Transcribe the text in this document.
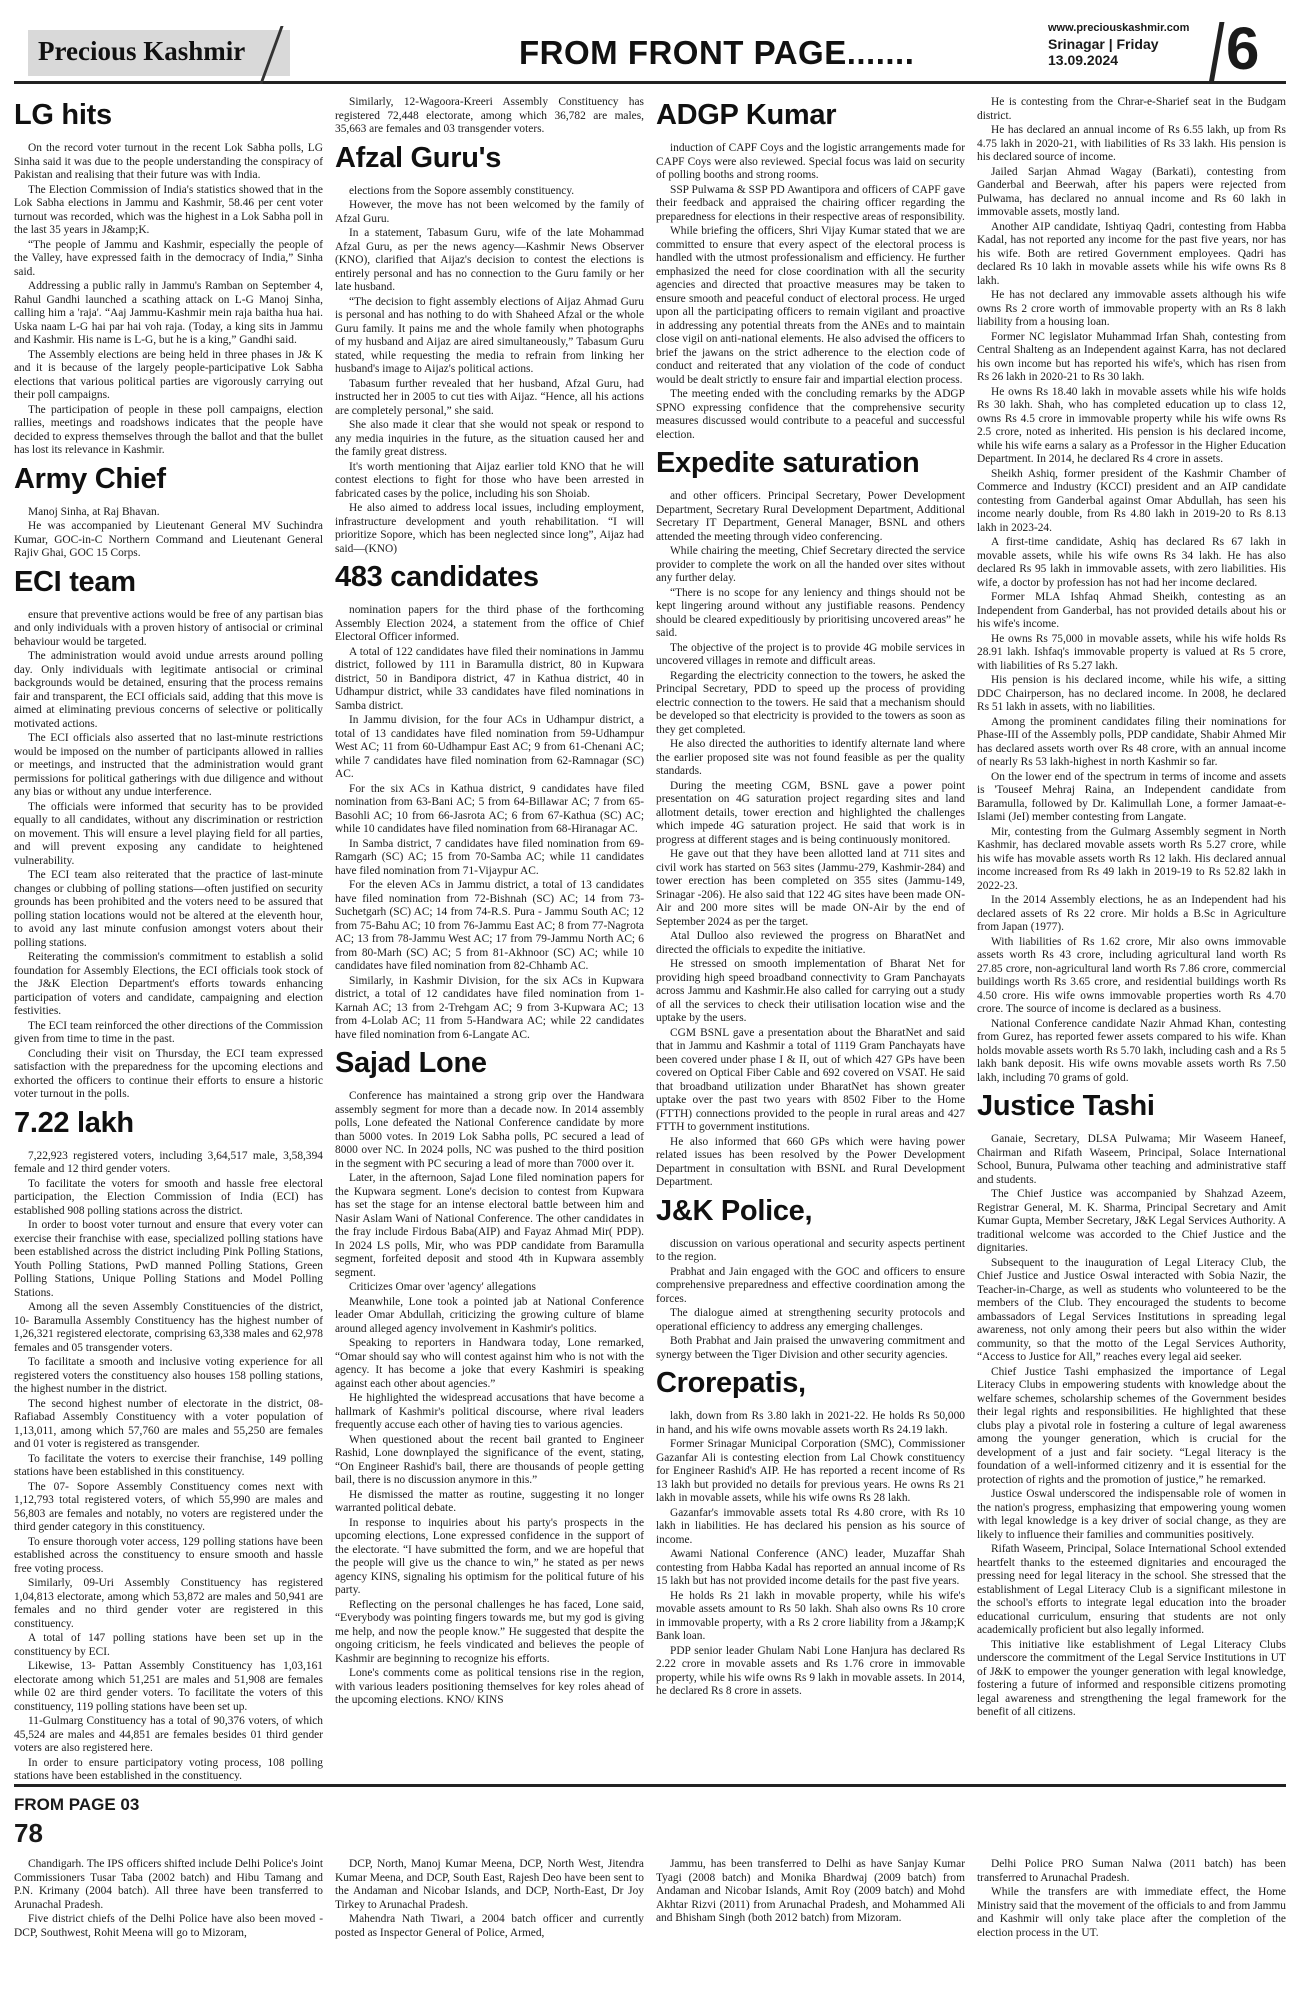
Precious Kashmir	FROM FRONT PAGE.......
www.preciouskashmir.com
Srinagar | Friday
13.09.2024	6
LG hits

On the record voter turnout in the recent Lok Sabha polls, LG Sinha said it was due to the people understanding the conspiracy of Pakistan and realising that their future was with India.

The Election Commission of India's statistics showed that in the Lok Sabha elections in Jammu and Kashmir, 58.46 per cent voter turnout was recorded, which was the highest in a Lok Sabha poll in the last 35 years in J&amp;K.

“The people of Jammu and Kashmir, especially the people of the Valley, have expressed faith in the democracy of India,” Sinha said.

Addressing a public rally in Jammu's Ramban on September 4, Rahul Gandhi launched a scathing attack on L-G Manoj Sinha, calling him a 'raja'. “Aaj Jammu-Kashmir mein raja baitha hua hai. Uska naam L-G hai par hai voh raja. (Today, a king sits in Jammu and Kashmir. His name is L-G, but he is a king,” Gandhi said.

The Assembly elections are being held in three phases in J& K and it is because of the largely people-participative Lok Sabha elections that various political parties are vigorously carrying out their poll campaigns.

The participation of people in these poll campaigns, election rallies, meetings and roadshows indicates that the people have decided to express themselves through the ballot and that the bullet has lost its relevance in Kashmir.

Army Chief

Manoj Sinha, at Raj Bhavan.

He was accompanied by Lieutenant General MV Suchindra Kumar, GOC-in-C Northern Command and Lieutenant General Rajiv Ghai, GOC 15 Corps.

ECI team

ensure that preventive actions would be free of any partisan bias and only individuals with a proven history of antisocial or criminal behaviour would be targeted.

The administration would avoid undue arrests around polling day. Only individuals with legitimate antisocial or criminal backgrounds would be detained, ensuring that the process remains fair and transparent, the ECI officials said, adding that this move is aimed at eliminating previous concerns of selective or politically motivated actions.

The ECI officials also asserted that no last-minute restrictions would be imposed on the number of participants allowed in rallies or meetings, and instructed that the administration would grant permissions for political gatherings with due diligence and without any bias or without any undue interference.

The officials were informed that security has to be provided equally to all candidates, without any discrimination or restriction on movement. This will ensure a level playing field for all parties, and will prevent exposing any candidate to heightened vulnerability.

The ECI team also reiterated that the practice of last-minute changes or clubbing of polling stations—often justified on security grounds has been prohibited and the voters need to be assured that polling station locations would not be altered at the eleventh hour, to avoid any last minute confusion amongst voters about their polling stations.

Reiterating the commission's commitment to establish a solid foundation for Assembly Elections, the ECI officials took stock of the J&K Election Department's efforts towards enhancing participation of voters and candidate, campaigning and election festivities.

The ECI team reinforced the other directions of the Commission given from time to time in the past.

Concluding their visit on Thursday, the ECI team expressed satisfaction with the preparedness for the upcoming elections and exhorted the officers to continue their efforts to ensure a historic voter turnout in the polls.

7.22 lakh

7,22,923 registered voters, including 3,64,517 male, 3,58,394 female and 12 third gender voters.

To facilitate the voters for smooth and hassle free electoral participation, the Election Commission of India (ECI) has established 908 polling stations across the district.

In order to boost voter turnout and ensure that every voter can exercise their franchise with ease, specialized polling stations have been established across the district including Pink Polling Stations, Youth Polling Stations, PwD manned Polling Stations, Green Polling Stations, Unique Polling Stations and Model Polling Stations.

Among all the seven Assembly Constituencies of the district, 10- Baramulla Assembly Constituency has the highest number of 1,26,321 registered electorate, comprising 63,338 males and 62,978 females and 05 transgender voters.

To facilitate a smooth and inclusive voting experience for all registered voters the constituency also houses 158 polling stations, the highest number in the district.

The second highest number of electorate in the district, 08- Rafiabad Assembly Constituency with a voter population of 1,13,011, among which 57,760 are males and 55,250 are females and 01 voter is registered as transgender.

To facilitate the voters to exercise their franchise, 149 polling stations have been established in this constituency.

The 07- Sopore Assembly Constituency comes next with 1,12,793 total registered voters, of which 55,990 are males and 56,803 are females and notably, no voters are registered under the third gender category in this constituency.

To ensure thorough voter access, 129 polling stations have been established across the constituency to ensure smooth and hassle free voting process.

Similarly, 09-Uri Assembly Constituency has registered 1,04,813 electorate, among which 53,872 are males and 50,941 are females and no third gender voter are registered in this constituency.

A total of 147 polling stations have been set up in the constituency by ECI.

Likewise, 13- Pattan Assembly Constituency has 1,03,161 electorate among which 51,251 are males and 51,908 are females while 02 are third gender voters. To facilitate the voters of this constituency, 119 polling stations have been set up.

11-Gulmarg Constituency has a total of 90,376 voters, of which 45,524 are males and 44,851 are females besides 01 third gender voters are also registered here.

In order to ensure participatory voting process, 108 polling stations have been established in the constituency.

Similarly, 12-Wagoora-Kreeri Assembly Constituency has registered 72,448 electorate, among which 36,782 are males, 35,663 are females and 03 transgender voters.

Afzal Guru's

elections from the Sopore assembly constituency.

However, the move has not been welcomed by the family of Afzal Guru.

In a statement, Tabasum Guru, wife of the late Mohammad Afzal Guru, as per the news agency—Kashmir News Observer (KNO), clarified that Aijaz's decision to contest the elections is entirely personal and has no connection to the Guru family or her late husband.

“The decision to fight assembly elections of Aijaz Ahmad Guru is personal and has nothing to do with Shaheed Afzal or the whole Guru family. It pains me and the whole family when photographs of my husband and Aijaz are aired simultaneously,” Tabasum Guru stated, while requesting the media to refrain from linking her husband's image to Aijaz's political actions.

Tabasum further revealed that her husband, Afzal Guru, had instructed her in 2005 to cut ties with Aijaz. “Hence, all his actions are completely personal,” she said.

She also made it clear that she would not speak or respond to any media inquiries in the future, as the situation caused her and the family great distress.

It's worth mentioning that Aijaz earlier told KNO that he will contest elections to fight for those who have been arrested in fabricated cases by the police, including his son Shoiab.

He also aimed to address local issues, including employment, infrastructure development and youth rehabilitation. “I will prioritize Sopore, which has been neglected since long”, Aijaz had said—(KNO)

483 candidates

nomination papers for the third phase of the forthcoming Assembly Election 2024, a statement from the office of Chief Electoral Officer informed.

A total of 122 candidates have filed their nominations in Jammu district, followed by 111 in Baramulla district, 80 in Kupwara district, 50 in Bandipora district, 47 in Kathua district, 40 in Udhampur district, while 33 candidates have filed nominations in Samba district.

In Jammu division, for the four ACs in Udhampur district, a total of 13 candidates have filed nomination from 59-Udhampur West AC; 11 from 60-Udhampur East AC; 9 from 61-Chenani AC; while 7 candidates have filed nomination from 62-Ramnagar (SC) AC.

For the six ACs in Kathua district, 9 candidates have filed nomination from 63-Bani AC; 5 from 64-Billawar AC; 7 from 65-Basohli AC; 10 from 66-Jasrota AC; 6 from 67-Kathua (SC) AC; while 10 candidates have filed nomination from 68-Hiranagar AC.

In Samba district, 7 candidates have filed nomination from 69-Ramgarh (SC) AC; 15 from 70-Samba AC; while 11 candidates have filed nomination from 71-Vijaypur AC.

For the eleven ACs in Jammu district, a total of 13 candidates have filed nomination from 72-Bishnah (SC) AC; 14 from 73-Suchetgarh (SC) AC; 14 from 74-R.S. Pura - Jammu South AC; 12 from 75-Bahu AC; 10 from 76-Jammu East AC; 8 from 77-Nagrota AC; 13 from 78-Jammu West AC; 17 from 79-Jammu North AC; 6 from 80-Marh (SC) AC; 5 from 81-Akhnoor (SC) AC; while 10 candidates have filed nomination from 82-Chhamb AC.

Similarly, in Kashmir Division, for the six ACs in Kupwara district, a total of 12 candidates have filed nomination from 1-Karnah AC; 13 from 2-Trehgam AC; 9 from 3-Kupwara AC; 13 from 4-Lolab AC; 11 from 5-Handwara AC; while 22 candidates have filed nomination from 6-Langate AC.

Sajad Lone

Conference has maintained a strong grip over the Handwara assembly segment for more than a decade now. In 2014 assembly polls, Lone defeated the National Conference candidate by more than 5000 votes. In 2019 Lok Sabha polls, PC secured a lead of 8000 over NC. In 2024 polls, NC was pushed to the third position in the segment with PC securing a lead of more than 7000 over it.

Later, in the afternoon, Sajad Lone filed nomination papers for the Kupwara segment. Lone's decision to contest from Kupwara has set the stage for an intense electoral battle between him and Nasir Aslam Wani of National Conference. The other candidates in the fray include Firdous Baba(AIP) and Fayaz Ahmad Mir( PDP). In 2024 LS polls, Mir, who was PDP candidate from Baramulla segment, forfeited deposit and stood 4th in Kupwara assembly segment.

Criticizes Omar over 'agency' allegations

Meanwhile, Lone took a pointed jab at National Conference leader Omar Abdullah, criticizing the growing culture of blame around alleged agency involvement in Kashmir's politics.

Speaking to reporters in Handwara today, Lone remarked, “Omar should say who will contest against him who is not with the agency. It has become a joke that every Kashmiri is speaking against each other about agencies.”

He highlighted the widespread accusations that have become a hallmark of Kashmir's political discourse, where rival leaders frequently accuse each other of having ties to various agencies.

When questioned about the recent bail granted to Engineer Rashid, Lone downplayed the significance of the event, stating, “On Engineer Rashid's bail, there are thousands of people getting bail, there is no discussion anymore in this.”

He dismissed the matter as routine, suggesting it no longer warranted political debate.

In response to inquiries about his party's prospects in the upcoming elections, Lone expressed confidence in the support of the electorate. “I have submitted the form, and we are hopeful that the people will give us the chance to win,” he stated as per news agency KINS, signaling his optimism for the political future of his party.

Reflecting on the personal challenges he has faced, Lone said, “Everybody was pointing fingers towards me, but my god is giving me help, and now the people know.” He suggested that despite the ongoing criticism, he feels vindicated and believes the people of Kashmir are beginning to recognize his efforts.

Lone's comments come as political tensions rise in the region, with various leaders positioning themselves for key roles ahead of the upcoming elections. KNO/ KINS

ADGP Kumar

induction of CAPF Coys and the logistic arrangements made for CAPF Coys were also reviewed. Special focus was laid on security of polling booths and strong rooms.

SSP Pulwama & SSP PD Awantipora and officers of CAPF gave their feedback and appraised the chairing officer regarding the preparedness for elections in their respective areas of responsibility.

While briefing the officers, Shri Vijay Kumar stated that we are committed to ensure that every aspect of the electoral process is handled with the utmost professionalism and efficiency. He further emphasized the need for close coordination with all the security agencies and directed that proactive measures may be taken to ensure smooth and peaceful conduct of electoral process. He urged upon all the participating officers to remain vigilant and proactive in addressing any potential threats from the ANEs and to maintain close vigil on anti-national elements. He also advised the officers to brief the jawans on the strict adherence to the election code of conduct and reiterated that any violation of the code of conduct would be dealt strictly to ensure fair and impartial election process.

The meeting ended with the concluding remarks by the ADGP SPNO expressing confidence that the comprehensive security measures discussed would contribute to a peaceful and successful election.

Expedite saturation

and other officers. Principal Secretary, Power Development Department, Secretary Rural Development Department, Additional Secretary IT Department, General Manager, BSNL and others attended the meeting through video conferencing.

While chairing the meeting, Chief Secretary directed the service provider to complete the work on all the handed over sites without any further delay.

“There is no scope for any leniency and things should not be kept lingering around without any justifiable reasons. Pendency should be cleared expeditiously by prioritising uncovered areas” he said.

The objective of the project is to provide 4G mobile services in uncovered villages in remote and difficult areas.

Regarding the electricity connection to the towers, he asked the Principal Secretary, PDD to speed up the process of providing electric connection to the towers. He said that a mechanism should be developed so that electricity is provided to the towers as soon as they get completed.

He also directed the authorities to identify alternate land where the earlier proposed site was not found feasible as per the quality standards.

During the meeting CGM, BSNL gave a power point presentation on 4G saturation project regarding sites and land allotment details, tower erection and highlighted the challenges which impede 4G saturation project. He said that work is in progress at different stages and is being continuously monitored.

He gave out that they have been allotted land at 711 sites and civil work has started on 563 sites (Jammu-279, Kashmir-284) and tower erection has been completed on 355 sites (Jammu-149, Srinagar -206). He also said that 122 4G sites have been made ON-Air and 200 more sites will be made ON-Air by the end of September 2024 as per the target.

Atal Dulloo also reviewed the progress on BharatNet and directed the officials to expedite the initiative.

He stressed on smooth implementation of Bharat Net for providing high speed broadband connectivity to Gram Panchayats across Jammu and Kashmir.He also called for carrying out a study of all the services to check their utilisation location wise and the uptake by the users.

CGM BSNL gave a presentation about the BharatNet and said that in Jammu and Kashmir a total of 1119 Gram Panchayats have been covered under phase I & II, out of which 427 GPs have been covered on Optical Fiber Cable and 692 covered on VSAT. He said that broadband utilization under BharatNet has shown greater uptake over the past two years with 8502 Fiber to the Home (FTTH) connections provided to the people in rural areas and 427 FTTH to government institutions.

He also informed that 660 GPs which were having power related issues has been resolved by the Power Development Department in consultation with BSNL and Rural Development Department.

J&K Police,

discussion on various operational and security aspects pertinent to the region.

Prabhat and Jain engaged with the GOC and officers to ensure comprehensive preparedness and effective coordination among the forces.

The dialogue aimed at strengthening security protocols and operational efficiency to address any emerging challenges.

Both Prabhat and Jain praised the unwavering commitment and synergy between the Tiger Division and other security agencies.

Crorepatis,

lakh, down from Rs 3.80 lakh in 2021-22. He holds Rs 50,000 in hand, and his wife owns movable assets worth Rs 24.19 lakh.

Former Srinagar Municipal Corporation (SMC), Commissioner Gazanfar Ali is contesting election from Lal Chowk constituency for Engineer Rashid's AIP. He has reported a recent income of Rs 13 lakh but provided no details for previous years. He owns Rs 21 lakh in movable assets, while his wife owns Rs 28 lakh.

Gazanfar's immovable assets total Rs 4.80 crore, with Rs 10 lakh in liabilities. He has declared his pension as his source of income.

Awami National Conference (ANC) leader, Muzaffar Shah contesting from Habba Kadal has reported an annual income of Rs 15 lakh but has not provided income details for the past five years.

He holds Rs 21 lakh in movable property, while his wife's movable assets amount to Rs 50 lakh. Shah also owns Rs 10 crore in immovable property, with a Rs 2 crore liability from a J&amp;K Bank loan.

PDP senior leader Ghulam Nabi Lone Hanjura has declared Rs 2.22 crore in movable assets and Rs 1.76 crore in immovable property, while his wife owns Rs 9 lakh in movable assets. In 2014, he declared Rs 8 crore in assets.

He is contesting from the Chrar-e-Sharief seat in the Budgam district.

He has declared an annual income of Rs 6.55 lakh, up from Rs 4.75 lakh in 2020-21, with liabilities of Rs 33 lakh. His pension is his declared source of income.

Jailed Sarjan Ahmad Wagay (Barkati), contesting from Ganderbal and Beerwah, after his papers were rejected from Pulwama, has declared no annual income and Rs 60 lakh in immovable assets, mostly land.

Another AIP candidate, Ishtiyaq Qadri, contesting from Habba Kadal, has not reported any income for the past five years, nor has his wife. Both are retired Government employees. Qadri has declared Rs 10 lakh in movable assets while his wife owns Rs 8 lakh.

He has not declared any immovable assets although his wife owns Rs 2 crore worth of immovable property with an Rs 8 lakh liability from a housing loan.

Former NC legislator Muhammad Irfan Shah, contesting from Central Shalteng as an Independent against Karra, has not declared his own income but has reported his wife's, which has risen from Rs 26 lakh in 2020-21 to Rs 30 lakh.

He owns Rs 18.40 lakh in movable assets while his wife holds Rs 30 lakh. Shah, who has completed education up to class 12, owns Rs 4.5 crore in immovable property while his wife owns Rs 2.5 crore, noted as inherited. His pension is his declared income, while his wife earns a salary as a Professor in the Higher Education Department. In 2014, he declared Rs 4 crore in assets.

Sheikh Ashiq, former president of the Kashmir Chamber of Commerce and Industry (KCCI) president and an AIP candidate contesting from Ganderbal against Omar Abdullah, has seen his income nearly double, from Rs 4.80 lakh in 2019-20 to Rs 8.13 lakh in 2023-24.

A first-time candidate, Ashiq has declared Rs 67 lakh in movable assets, while his wife owns Rs 34 lakh. He has also declared Rs 95 lakh in immovable assets, with zero liabilities. His wife, a doctor by profession has not had her income declared.

Former MLA Ishfaq Ahmad Sheikh, contesting as an Independent from Ganderbal, has not provided details about his or his wife's income.

He owns Rs 75,000 in movable assets, while his wife holds Rs 28.91 lakh. Ishfaq's immovable property is valued at Rs 5 crore, with liabilities of Rs 5.27 lakh.

His pension is his declared income, while his wife, a sitting DDC Chairperson, has no declared income. In 2008, he declared Rs 51 lakh in assets, with no liabilities.

Among the prominent candidates filing their nominations for Phase-III of the Assembly polls, PDP candidate, Shabir Ahmed Mir has declared assets worth over Rs 48 crore, with an annual income of nearly Rs 53 lakh-highest in north Kashmir so far.

On the lower end of the spectrum in terms of income and assets is 'Touseef Mehraj Raina, an Independent candidate from Baramulla, followed by Dr. Kalimullah Lone, a former Jamaat-e-Islami (JeI) member contesting from Langate.

Mir, contesting from the Gulmarg Assembly segment in North Kashmir, has declared movable assets worth Rs 5.27 crore, while his wife has movable assets worth Rs 12 lakh. His declared annual income increased from Rs 49 lakh in 2019-19 to Rs 52.82 lakh in 2022-23.

In the 2014 Assembly elections, he as an Independent had his declared assets of Rs 22 crore. Mir holds a B.Sc in Agriculture from Japan (1977).

With liabilities of Rs 1.62 crore, Mir also owns immovable assets worth Rs 43 crore, including agricultural land worth Rs 27.85 crore, non-agricultural land worth Rs 7.86 crore, commercial buildings worth Rs 3.65 crore, and residential buildings worth Rs 4.50 crore. His wife owns immovable properties worth Rs 4.70 crore. The source of income is declared as a business.

National Conference candidate Nazir Ahmad Khan, contesting from Gurez, has reported fewer assets compared to his wife. Khan holds movable assets worth Rs 5.70 lakh, including cash and a Rs 5 lakh bank deposit. His wife owns movable assets worth Rs 7.50 lakh, including 70 grams of gold.

Justice Tashi

Ganaie, Secretary, DLSA Pulwama; Mir Waseem Haneef, Chairman and Rifath Waseem, Principal, Solace International School, Bunura, Pulwama other teaching and administrative staff and students.

The Chief Justice was accompanied by Shahzad Azeem, Registrar General, M. K. Sharma, Principal Secretary and Amit Kumar Gupta, Member Secretary, J&K Legal Services Authority. A traditional welcome was accorded to the Chief Justice and the dignitaries.

Subsequent to the inauguration of Legal Literacy Club, the Chief Justice and Justice Oswal interacted with Sobia Nazir, the Teacher-in-Charge, as well as students who volunteered to be the members of the Club. They encouraged the students to become ambassadors of Legal Services Institutions in spreading legal awareness, not only among their peers but also within the wider community, so that the motto of the Legal Services Authority, “Access to Justice for All,” reaches every legal aid seeker.

Chief Justice Tashi emphasized the importance of Legal Literacy Clubs in empowering students with knowledge about the welfare schemes, scholarship schemes of the Government besides their legal rights and responsibilities. He highlighted that these clubs play a pivotal role in fostering a culture of legal awareness among the younger generation, which is crucial for the development of a just and fair society. “Legal literacy is the foundation of a well-informed citizenry and it is essential for the protection of rights and the promotion of justice,” he remarked.

Justice Oswal underscored the indispensable role of women in the nation's progress, emphasizing that empowering young women with legal knowledge is a key driver of social change, as they are likely to influence their families and communities positively.

Rifath Waseem, Principal, Solace International School extended heartfelt thanks to the esteemed dignitaries and encouraged the pressing need for legal literacy in the school. She stressed that the establishment of Legal Literacy Club is a significant milestone in the school's efforts to integrate legal education into the broader educational curriculum, ensuring that students are not only academically proficient but also legally informed.

This initiative like establishment of Legal Literacy Clubs underscore the commitment of the Legal Service Institutions in UT of J&K to empower the younger generation with legal knowledge, fostering a future of informed and responsible citizens promoting legal awareness and strengthening the legal framework for the benefit of all citizens.

FROM PAGE 03
78

Chandigarh. The IPS officers shifted include Delhi Police's Joint Commissioners Tusar Taba (2002 batch) and Hibu Tamang and P.N. Krimany (2004 batch). All three have been transferred to Arunachal Pradesh.

Five district chiefs of the Delhi Police have also been moved - DCP, Southwest, Rohit Meena will go to Mizoram,

DCP, North, Manoj Kumar Meena, DCP, North West, Jitendra Kumar Meena, and DCP, South East, Rajesh Deo have been sent to the Andaman and Nicobar Islands, and DCP, North-East, Dr Joy Tirkey to Arunachal Pradesh.

Mahendra Nath Tiwari, a 2004 batch officer and currently posted as Inspector General of Police, Armed,

Jammu, has been transferred to Delhi as have Sanjay Kumar Tyagi (2008 batch) and Monika Bhardwaj (2009 batch) from Andaman and Nicobar Islands, Amit Roy (2009 batch) and Mohd Akhtar Rizvi (2011) from Arunachal Pradesh, and Mohammed Ali and Bhisham Singh (both 2012 batch) from Mizoram.

Delhi Police PRO Suman Nalwa (2011 batch) has been transferred to Arunachal Pradesh.

While the transfers are with immediate effect, the Home Ministry said that the movement of the officials to and from Jammu and Kashmir will only take place after the completion of the election process in the UT.
